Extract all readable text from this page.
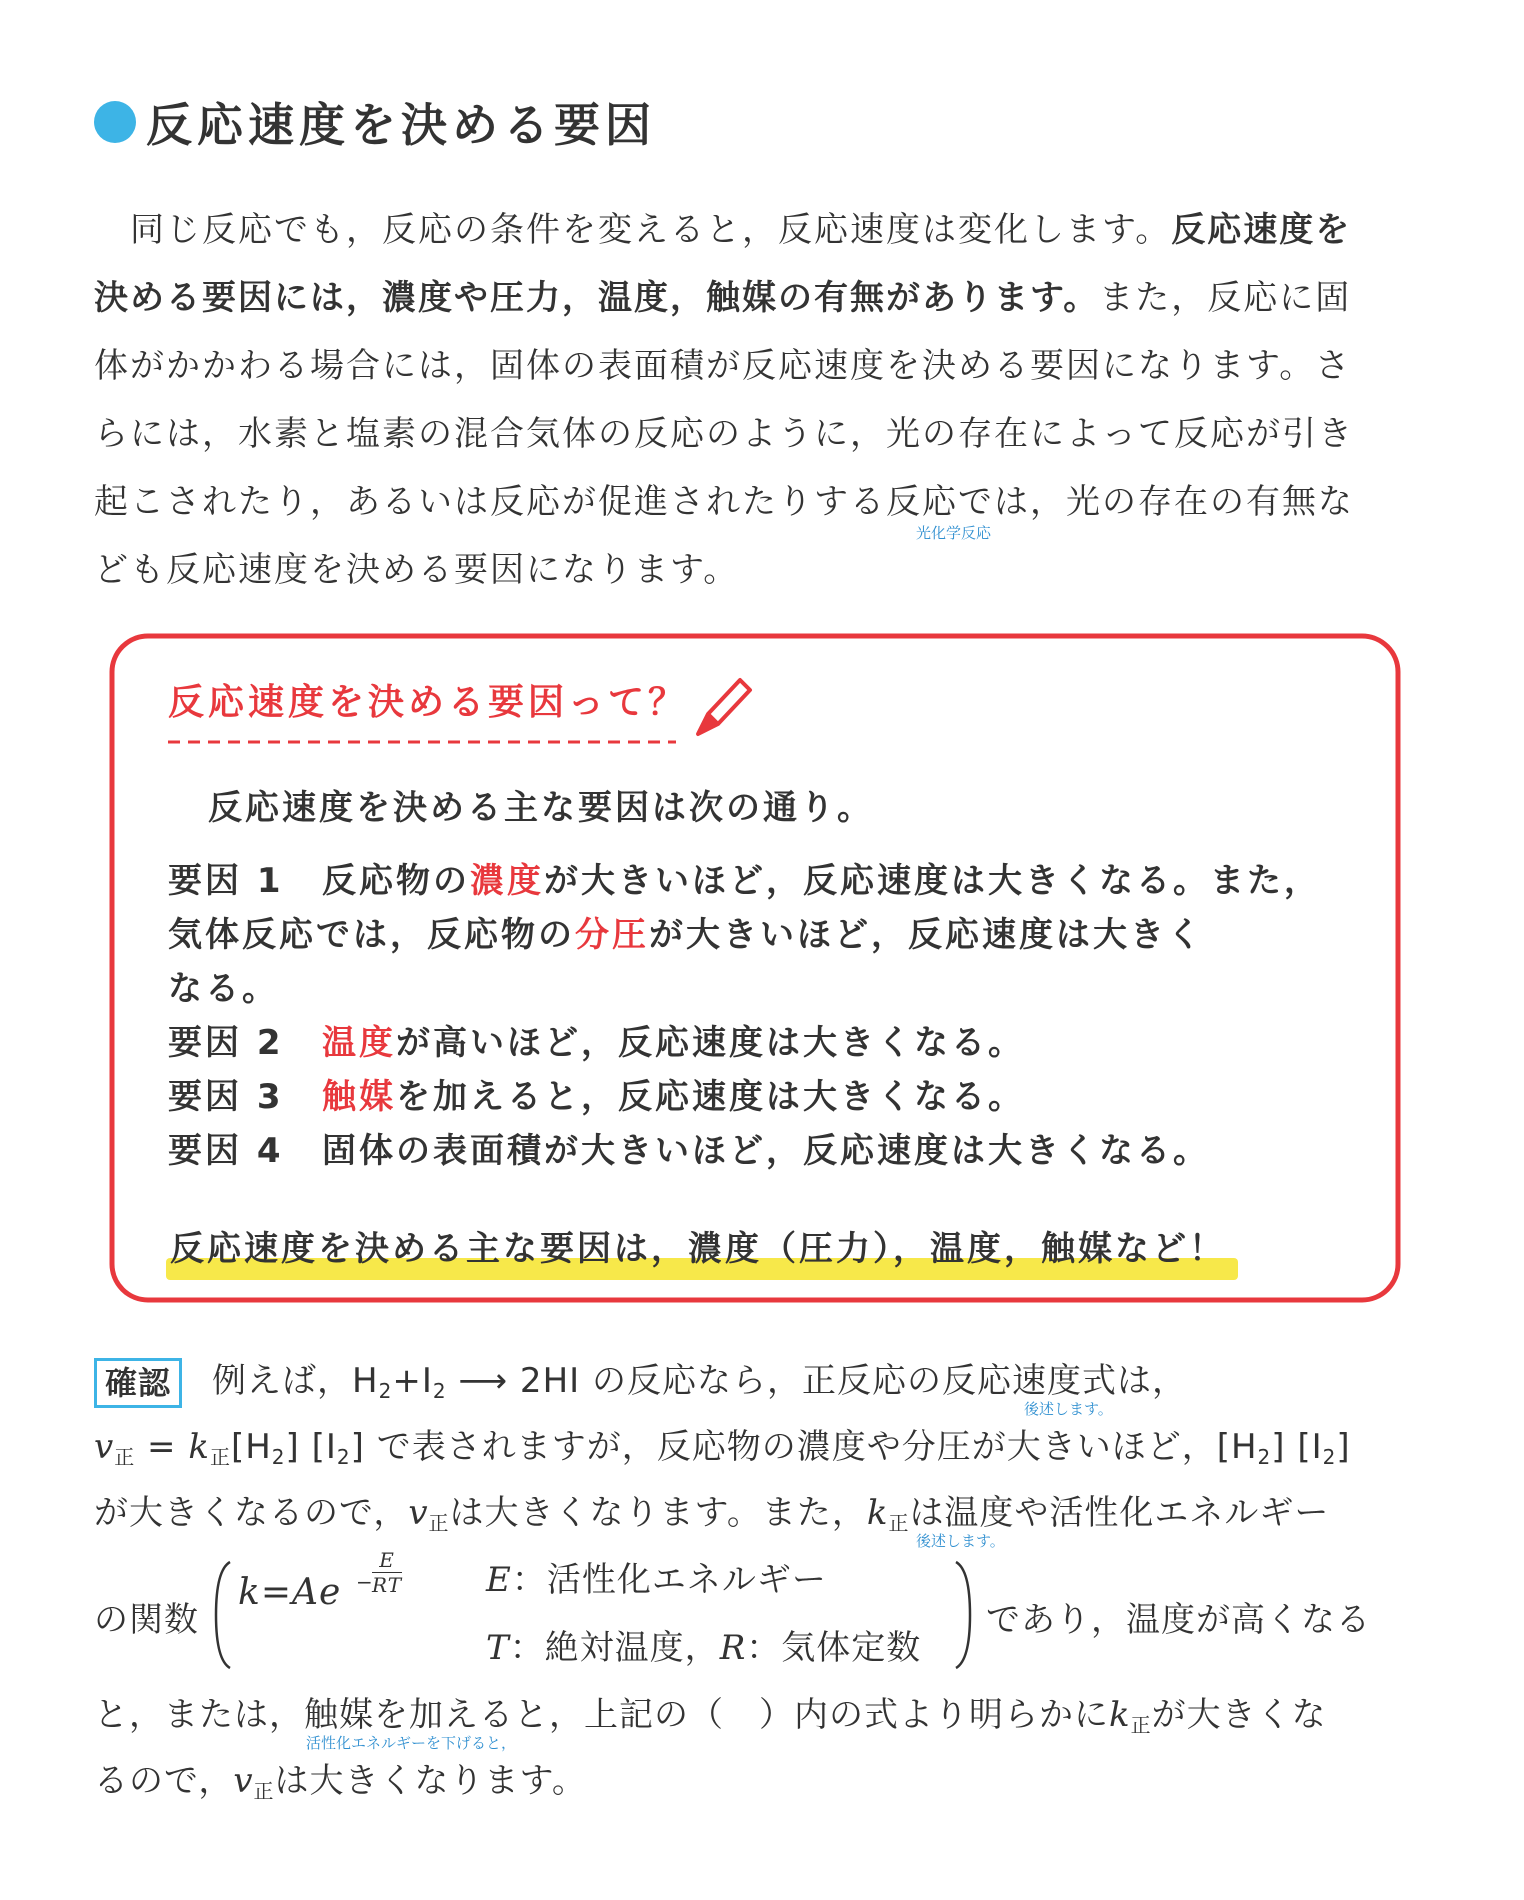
反応速度を決める要因
　同じ反応でも，反応の条件を変えると，反応速度は変化します。反応速度を
決める要因には，濃度や圧力，温度，触媒の有無があります。また，反応に固
体がかかわる場合には，固体の表面積が反応速度を決める要因になります。さ
らには，水素と塩素の混合気体の反応のように，光の存在によって反応が引き
起こされたり，あるいは反応が促進されたりする反応では，光の存在の有無な
光化学反応
ども反応速度を決める要因になります。
反応速度を決める要因って？
反応速度を決める主な要因は次の通り。
要因 1	反応物の濃度が大きいほど，反応速度は大きくなる。また，
気体反応では，反応物の分圧が大きいほど，反応速度は大きく
なる。
要因 2	温度が高いほど，反応速度は大きくなる。
要因 3	触媒を加えると，反応速度は大きくなる。
要因 4	固体の表面積が大きいほど，反応速度は大きくなる。
反応速度を決める主な要因は，濃度（圧力），温度，触媒など！
確認 例えば，$H_2+I_2$ ⟶ 2HI の反応なら，正反応の反応速度式は，
後述します。
$v_正 = k_正[H_2]$ $[I_2]$ で表されますが，反応物の濃度や分圧が大きいほど，$[H_2]$ $[I_2]$
が大きくなるので，$v_正$は大きくなります。また，$k_正$は温度や活性化エネルギー
後述します。
の関数
k=Ae −
E
RT E：活性化エネルギー
T：絶対温度，R：気体定数
であり，温度が高くなる
と，または，触媒を加えると，上記の（　）内の式より明らかに$k_正$が大きくな
活性化エネルギーを下げると，
るので，$v_正$は大きくなります。
